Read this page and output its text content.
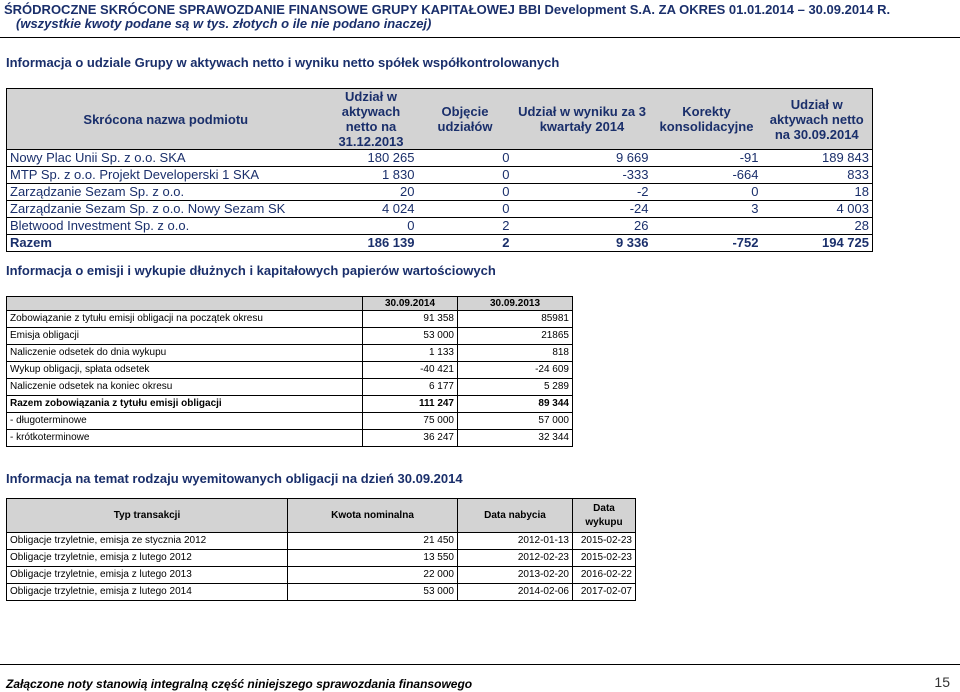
ŚRÓDROCZNE SKRÓCONE SPRAWOZDANIE FINANSOWE GRUPY KAPITAŁOWEJ BBI Development S.A. ZA OKRES 01.01.2014 – 30.09.2014 R.
(wszystkie kwoty podane są w tys. złotych o ile nie podano inaczej)
Informacja o udziale Grupy w aktywach netto i wyniku netto spółek współkontrolowanych
Skrócona nazwa podmiotu	Udział w aktywach netto na 31.12.2013	Objęcie udziałów	Udział w wyniku za 3 kwartały 2014	Korekty konsolidacyjne	Udział w aktywach netto na 30.09.2014
Nowy Plac Unii Sp. z o.o. SKA	180 265	0	9 669	-91	189 843
MTP Sp. z o.o. Projekt Developerski 1 SKA	1 830	0	-333	-664	833
Zarządzanie Sezam Sp. z o.o.	20	0	-2	0	18
Zarządzanie Sezam Sp. z o.o. Nowy Sezam SK	4 024	0	-24	3	4 003
Bletwood Investment Sp. z o.o.	0	2	26		28
Razem	186 139	2	9 336	-752	194 725
Informacja o emisji i wykupie dłużnych i kapitałowych papierów wartościowych
	30.09.2014	30.09.2013
Zobowiązanie z tytułu emisji obligacji na początek okresu	91 358	85981
Emisja obligacji	53 000	21865
Naliczenie odsetek do dnia wykupu	1 133	818
Wykup obligacji, spłata odsetek	-40 421	-24 609
Naliczenie odsetek na koniec okresu	6 177	5 289
Razem zobowiązania z tytułu emisji obligacji	111 247	89 344
- długoterminowe	75 000	57 000
- krótkoterminowe	36 247	32 344
Informacja na temat rodzaju wyemitowanych obligacji na dzień 30.09.2014
Typ transakcji	Kwota nominalna	Data nabycia	Data wykupu
Obligacje trzyletnie, emisja ze stycznia 2012	21 450	2012-01-13	2015-02-23
Obligacje trzyletnie, emisja z lutego 2012	13 550	2012-02-23	2015-02-23
Obligacje trzyletnie, emisja z lutego 2013	22 000	2013-02-20	2016-02-22
Obligacje trzyletnie, emisja z lutego 2014	53 000	2014-02-06	2017-02-07
Załączone noty stanowią integralną część niniejszego sprawozdania finansowego	15
